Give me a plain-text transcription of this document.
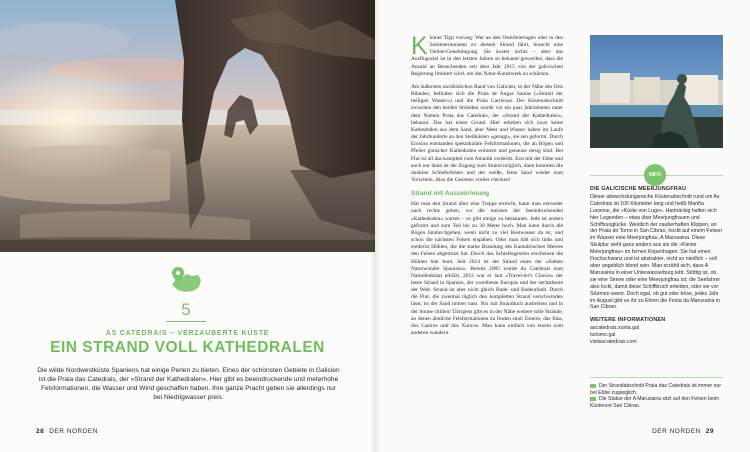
5
AS CATEDRAIS – VERZAUBERTE KÜSTE
EIN STRAND VOLL KATHEDRALEN
Die wilde Nordwestküste Spaniens hat einige Perlen zu bieten. Eines der schönsten Gebiete in Galicien ist die Praia das Catedrais, der »Strand der Kathedralen«. Hier gibt es beeindruckende und meterhohe Felsformationen, die Wasser und Wind geschaffen haben. Ihre ganze Pracht geben sie allerdings nur bei Niedrigwasser preis.
28 DER NORDEN

Kleiner Tipp vorweg: Wer an den Osterfeiertagen oder in den Sommermonaten zu diesem Strand fährt, braucht eine Online-Genehmigung. Sie kostet nichts – aber das Ausflugsziel ist in den letzten Jahren so bekannt geworden, dass die Anzahl an Besuchenden seit dem Jahr 2015 von der galicischen Regierung limitiert wird, um das Natur-Kunstwerk zu schützen.

Am äußersten nordöstlichen Rand von Galicien, in der Nähe des Orts Ribadeo, befinden sich die Praia de Augas Santas (»Strand der heiligen Wasser«) und die Praia Carriexas. Der Küstenabschnitt zwischen den beiden Stränden wurde vor ein paar Jahrzehnten unter dem Namen Praia das Catedrais, der »Strand der Kathedralen«, bekannt. Das hat einen Grund. Hier erheben sich zwar keine Kathedralen aus dem Sand, aber Meer und Wasser haben im Laufe der Jahrhunderte an den Steilküsten »genagt«, sie sen geformt. Durch Erosion entstanden spektakuläre Felsformationen, die an Bögen und Pfeiler gotischer Kathedralen erinnern und genauso riesig sind. Bei Flut ist all das komplett vom Atlantik verdeckt. Erst mit der Ebbe und auch nur dann ist der Zugang zum Strand möglich, dann kommen die dunklen Schieferfelsen und der weiße, feine Sand wieder zum Vorschein. Also die Gezeiten vorher checken!

Strand mit Auszeichnung

Hat man den Strand über eine Treppe erreicht, kann man entweder nach rechts gehen, wo die meisten der beeindruckenden »Kathedralen« warten – es gibt einige zu bestaunen. Jede ist anders geformt und zum Teil bis zu 30 Meter hoch. Man kann durch die Bögen hindurchgehen, wenn nicht zu viel Restwasser da ist, und schon die nächsten Felsen erspähen. Oder man hält sich links und entdeckt Höhlen, die die starke Brandung des Kantabrischen Meeres den Felsen abgetrotzt hat. Durch das Schiefergestein erscheinen die Höhlen hier bunt. Seit 2014 ist der Strand eines der »Sieben Naturwunder Spaniens«. Bereits 2005 wurde As Catedrais zum Naturdenkmal erklärt, 2012 war er laut »Travel-ler's Choice« der beste Strand in Spanien, der zweitbeste Europas und der sechstbeste der Welt. Strand ist aber nicht gleich Bade- und Badeurlaub. Durch die Flut, die zweimal täglich den kompletten Strand verschwinden lässt, ist der Sand immer nass. Nix mit Strandtuch ausbreiten und in der Sonne chillen! Übrigens gibt es in der Nähe weitere tolle Strände, an denen ähnliche Felsformationen zu finden sind: Esteiro, das Illas, dos Castros und dos Xuncos. Man kann einfach von einem zum anderen wandern.

INFO
DIE GALICISCHE MEERJUNGFRAU
Dieser abwechslungsreiche Küstenabschnitt rund um As Catedrais ist 100 Kilometer lang und heißt Mariña Lucense, die »Küste von Lugo«. Hartnäckig halten sich hier Legenden – etwa über Meerjungfrauen und Schiffsunglücke. Westlich der zauberhaften Klippen, an der Praia do Torno in San Cibrao, hockt auf einem Felsen im Wasser eine Meerjungfrau, A Maruxaina. Diese Skulptur sieht ganz anders aus als die »Kleine Meerjungfrau« im fernen Kopenhagen. Sie hat einen Fischschwanz und ist abstrakter, nicht so niedlich – soll aber angeblich blond sein. Man erzählt sich, dass A Maruxaina in einer Unterwasserburg lebt. Strittig ist, ob sie eine Sirene oder eine Meerjungfrau ist; die Seefahrer also lockt, damit diese Schiffbruch erleiden, oder sie vor Stürmen warnt. Doch egal, ob gut oder böse, jedes Jahr im August gibt es ihr zu Ehren die Festa da Maruxaina in San Cibrao.
WEITERE INFORMATIONEN
ascatedrais.xunta.gal
turismo.gal
visitascatedrais.com
Der Strandabschnitt Praia das Catedrais ist immer nur bei Ebbe zugänglich.
Die Statue der A Maruxaina sitzt auf den Felsen beim Küstenort San Cibrao.
DER NORDEN 29
